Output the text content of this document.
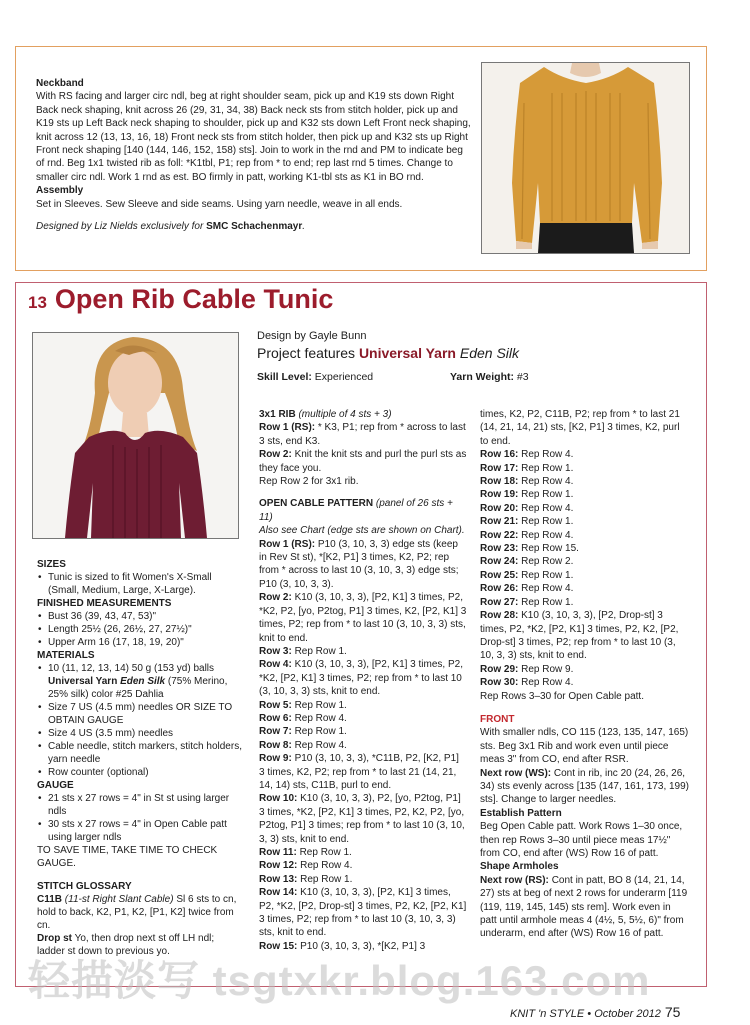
Neckband
With RS facing and larger circ ndl, beg at right shoulder seam, pick up and K19 sts down Right Back neck shaping, knit across 26 (29, 31, 34, 38) Back neck sts from stitch holder, pick up and K19 sts up Left Back neck shaping to shoulder, pick up and K32 sts down Left Front neck shaping, knit across 12 (13, 13, 16, 18) Front neck sts from stitch holder, then pick up and K32 sts up Right Front neck shaping [140 (144, 146, 152, 158) sts]. Join to work in the rnd and PM to indicate beg of rnd. Beg 1x1 twisted rib as foll: *K1tbl, P1; rep from * to end; rep last rnd 5 times. Change to smaller circ ndl. Work 1 rnd as est. BO firmly in patt, working K1-tbl sts as K1 in BO rnd.
Assembly
Set in Sleeves. Sew Sleeve and side seams. Using yarn needle, weave in all ends.
Designed by Liz Nields exclusively for SMC Schachenmayr.
13 Open Rib Cable Tunic
Design by Gayle Bunn
Project features Universal Yarn Eden Silk
Skill Level: Experienced	Yarn Weight: #3
SIZES
• Tunic is sized to fit Women's X-Small (Small, Medium, Large, X-Large).
FINISHED MEASUREMENTS
• Bust 36 (39, 43, 47, 53)"
• Length 25½ (26, 26½, 27, 27½)"
• Upper Arm 16 (17, 18, 19, 20)"
MATERIALS
• 10 (11, 12, 13, 14) 50 g (153 yd) balls Universal Yarn Eden Silk (75% Merino, 25% silk) color #25 Dahlia
• Size 7 US (4.5 mm) needles OR SIZE TO OBTAIN GAUGE
• Size 4 US (3.5 mm) needles
• Cable needle, stitch markers, stitch holders, yarn needle
• Row counter (optional)
GAUGE
• 21 sts x 27 rows = 4" in St st using larger ndls
• 30 sts x 27 rows = 4" in Open Cable patt using larger ndls
TO SAVE TIME, TAKE TIME TO CHECK GAUGE.
STITCH GLOSSARY
C11B (11-st Right Slant Cable) Sl 6 sts to cn, hold to back, K2, P1, K2, [P1, K2] twice from cn.
Drop st Yo, then drop next st off LH ndl; ladder st down to previous yo.
3x1 RIB (multiple of 4 sts + 3)
Row 1 (RS): * K3, P1; rep from * across to last 3 sts, end K3.
Row 2: Knit the knit sts and purl the purl sts as they face you.
Rep Row 2 for 3x1 rib.
OPEN CABLE PATTERN (panel of 26 sts + 11)
Also see Chart (edge sts are shown on Chart).
Row 1 (RS): P10 (3, 10, 3, 3) edge sts (keep in Rev St st), *[K2, P1] 3 times, K2, P2; rep from * across to last 10 (3, 10, 3, 3) edge sts; P10 (3, 10, 3, 3).
Row 2: K10 (3, 10, 3, 3), [P2, K1] 3 times, P2, *K2, P2, [yo, P2tog, P1] 3 times, K2, [P2, K1] 3 times, P2; rep from * to last 10 (3, 10, 3, 3) sts, knit to end.
Row 3: Rep Row 1.
Row 4: K10 (3, 10, 3, 3), [P2, K1] 3 times, P2, *K2, [P2, K1] 3 times, P2; rep from * to last 10 (3, 10, 3, 3) sts, knit to end.
Row 5: Rep Row 1.
Row 6: Rep Row 4.
Row 7: Rep Row 1.
Row 8: Rep Row 4.
Row 9: P10 (3, 10, 3, 3), *C11B, P2, [K2, P1] 3 times, K2, P2; rep from * to last 21 (14, 21, 14, 14) sts, C11B, purl to end.
Row 10: K10 (3, 10, 3, 3), P2, [yo, P2tog, P1] 3 times, *K2, [P2, K1] 3 times, P2, K2, P2, [yo, P2tog, P1] 3 times; rep from * to last 10 (3, 10, 3, 3) sts, knit to end.
Row 11: Rep Row 1.
Row 12: Rep Row 4.
Row 13: Rep Row 1.
Row 14: K10 (3, 10, 3, 3), [P2, K1] 3 times, P2, *K2, [P2, Drop-st] 3 times, P2, K2, [P2, K1] 3 times, P2; rep from * to last 10 (3, 10, 3, 3) sts, knit to end.
Row 15: P10 (3, 10, 3, 3), *[K2, P1] 3
times, K2, P2, C11B, P2; rep from * to last 21 (14, 21, 14, 21) sts, [K2, P1] 3 times, K2, purl to end.
Row 16: Rep Row 4.
Row 17: Rep Row 1.
Row 18: Rep Row 4.
Row 19: Rep Row 1.
Row 20: Rep Row 4.
Row 21: Rep Row 1.
Row 22: Rep Row 4.
Row 23: Rep Row 15.
Row 24: Rep Row 2.
Row 25: Rep Row 1.
Row 26: Rep Row 4.
Row 27: Rep Row 1.
Row 28: K10 (3, 10, 3, 3), [P2, Drop-st] 3 times, P2, *K2, [P2, K1] 3 times, P2, K2, [P2, Drop-st] 3 times, P2; rep from * to last 10 (3, 10, 3, 3) sts, knit to end.
Row 29: Rep Row 9.
Row 30: Rep Row 4.
Rep Rows 3–30 for Open Cable patt.
FRONT
With smaller ndls, CO 115 (123, 135, 147, 165) sts. Beg 3x1 Rib and work even until piece meas 3" from CO, end after RSR.
Next row (WS): Cont in rib, inc 20 (24, 26, 26, 34) sts evenly across [135 (147, 161, 173, 199) sts]. Change to larger needles.
Establish Pattern
Beg Open Cable patt. Work Rows 1–30 once, then rep Rows 3–30 until piece meas 17½" from CO, end after (WS) Row 16 of patt.
Shape Armholes
Next row (RS): Cont in patt, BO 8 (14, 21, 14, 27) sts at beg of next 2 rows for underarm [119 (119, 119, 145, 145) sts rem]. Work even in patt until armhole meas 4 (4½, 5, 5½, 6)" from underarm, end after (WS) Row 16 of patt.
轻描淡写 tsgtxkr.blog.163.com
KNIT 'n STYLE • October 2012 75
